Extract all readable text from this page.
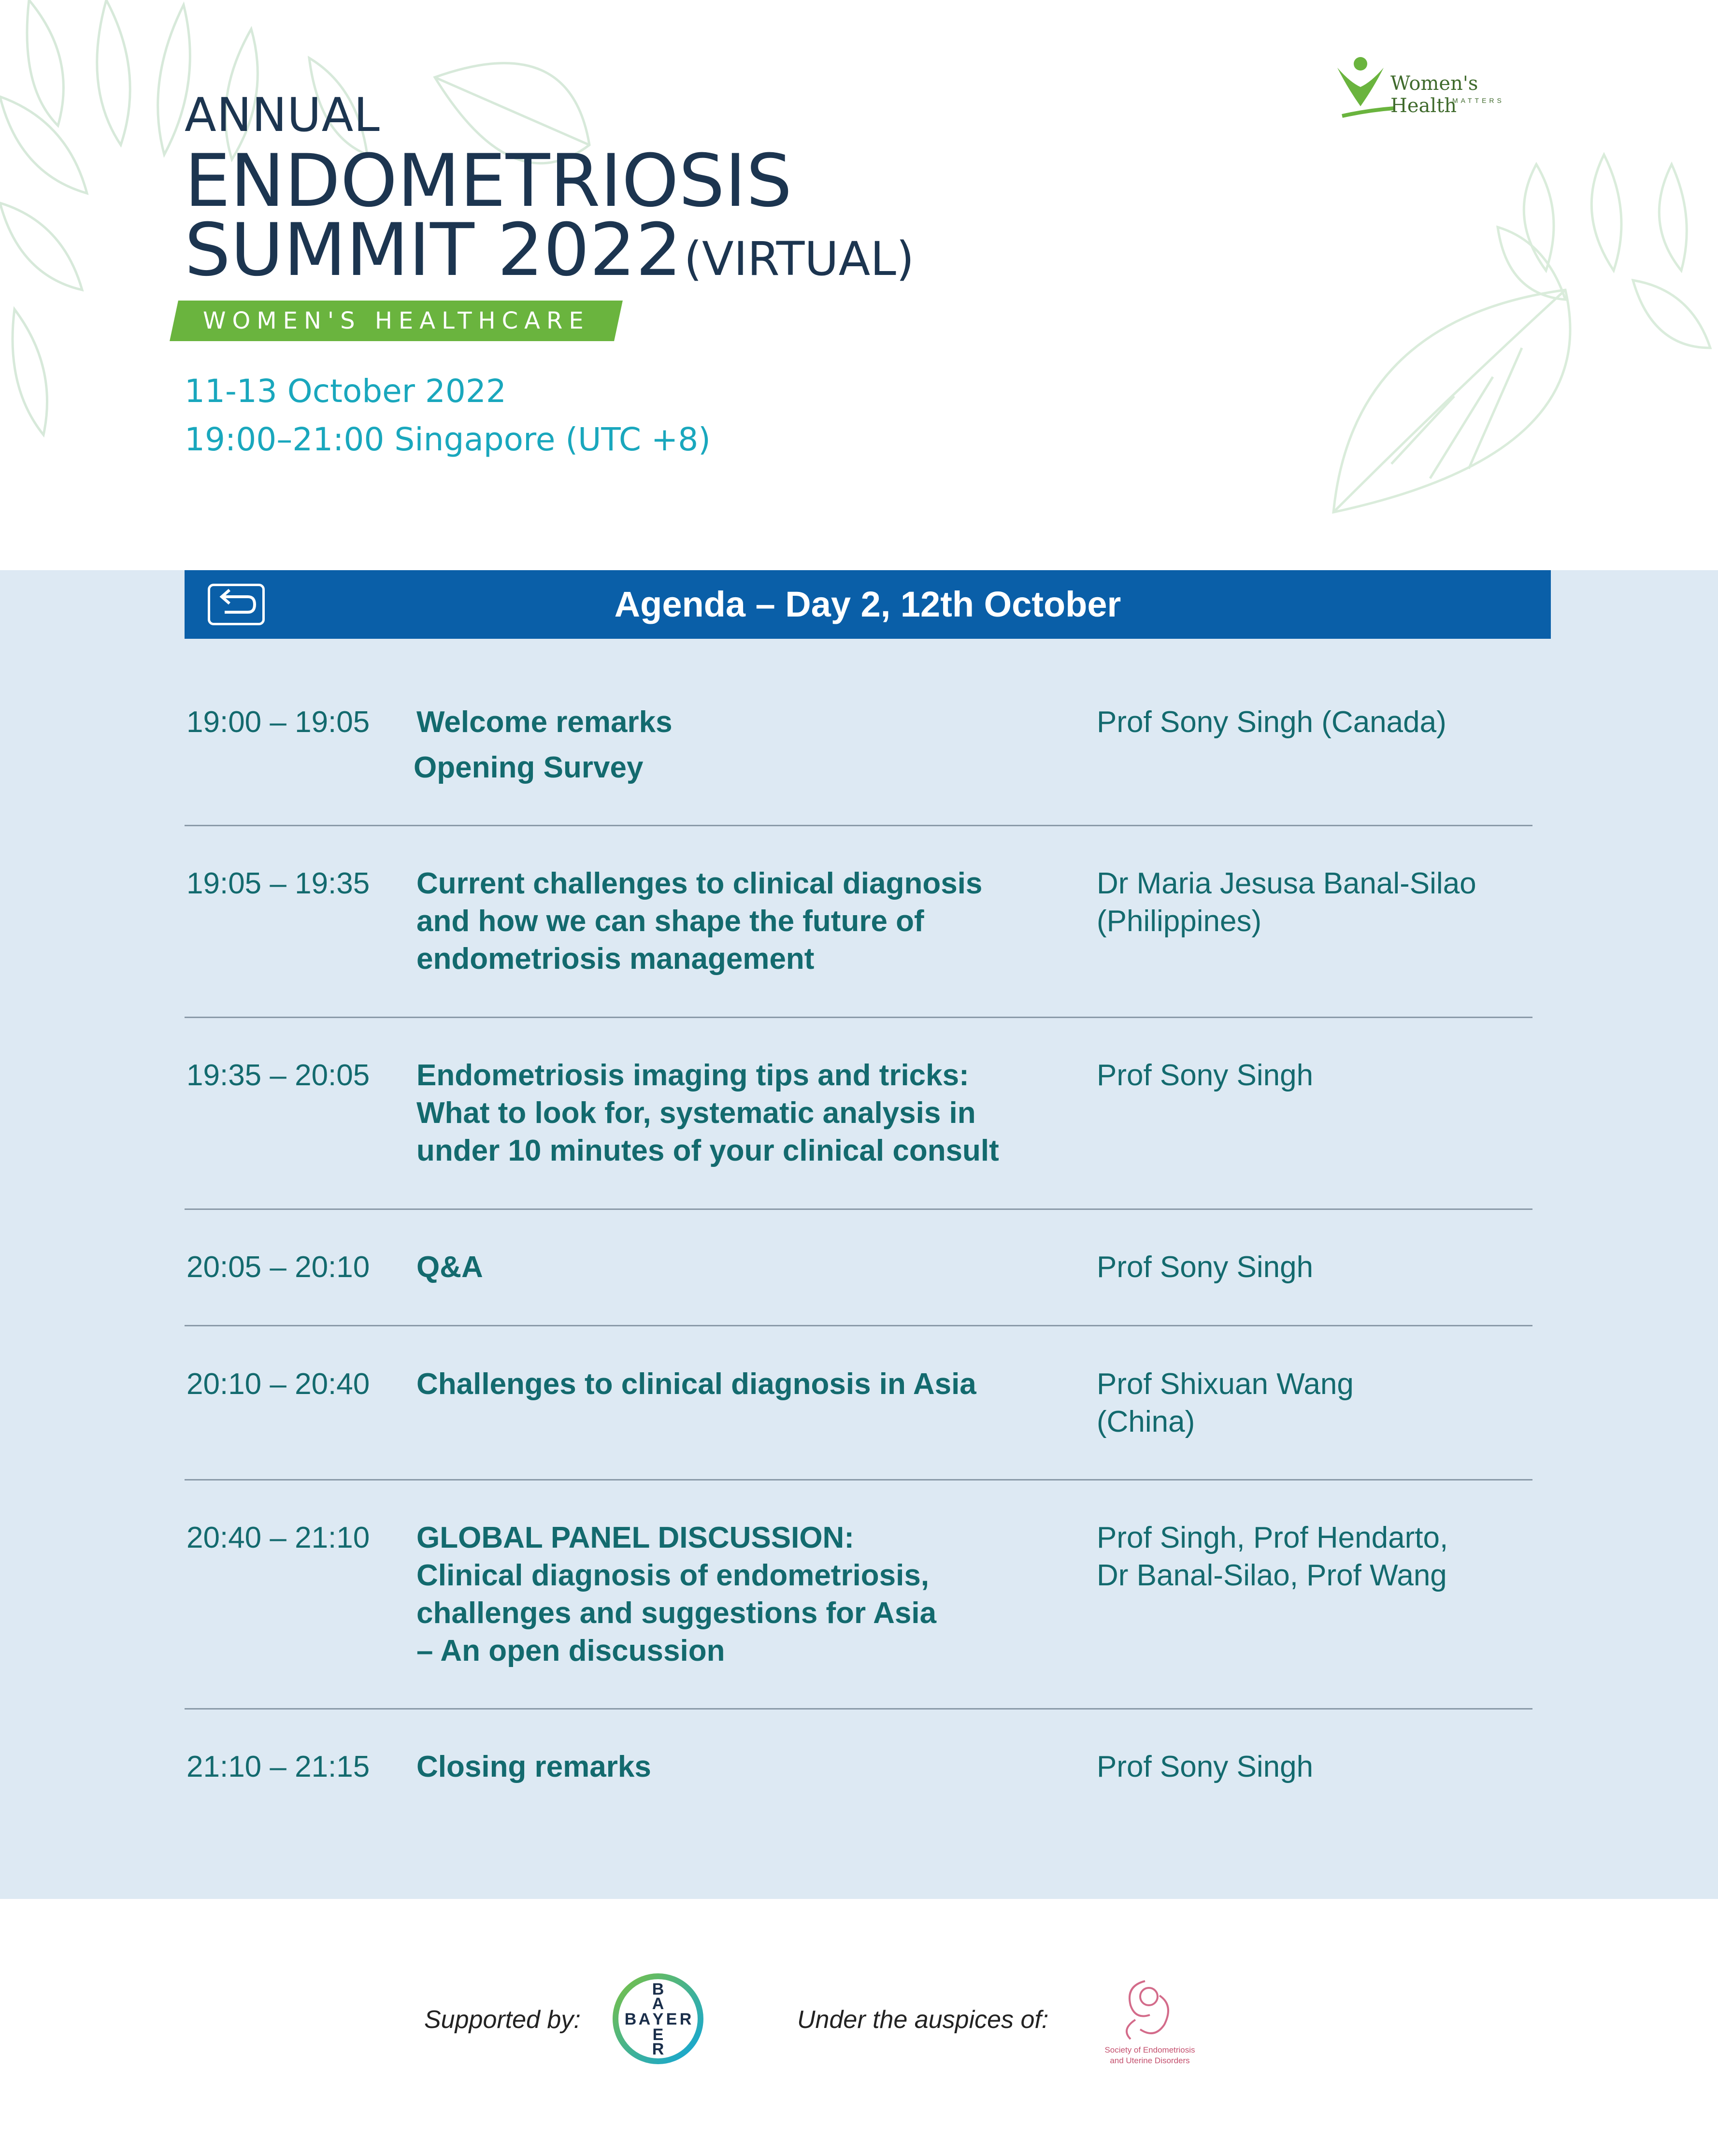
ANNUAL
ENDOMETRIOSIS
SUMMIT 2022 (VIRTUAL)
WOMEN'S HEALTHCARE
11-13 October 2022
19:00–21:00 Singapore (UTC +8)
Women's Health
MATTERS
Agenda – Day 2, 12th October
19:00 – 19:05 Welcome remarks
Opening Survey
Prof Sony Singh (Canada)
19:05 – 19:35 Current challenges to clinical diagnosis
and how we can shape the future of
endometriosis management
Dr Maria Jesusa Banal-Silao
(Philippines)
19:35 – 20:05 Endometriosis imaging tips and tricks:
What to look for, systematic analysis in
under 10 minutes of your clinical consult
Prof Sony Singh
20:05 – 20:10 Q&A	Prof Sony Singh
20:10 – 20:40 Challenges to clinical diagnosis in Asia	Prof Shixuan Wang
(China)
20:40 – 21:10 GLOBAL PANEL DISCUSSION:
Clinical diagnosis of endometriosis,
challenges and suggestions for Asia
– An open discussion
Prof Singh, Prof Hendarto,
Dr Banal-Silao, Prof Wang
21:10 – 21:15 Closing remarks	Prof Sony Singh
Supported by:
B
A
B A Y E R
E
R
Under the auspices of:
Society of Endometriosis
and Uterine Disorders
